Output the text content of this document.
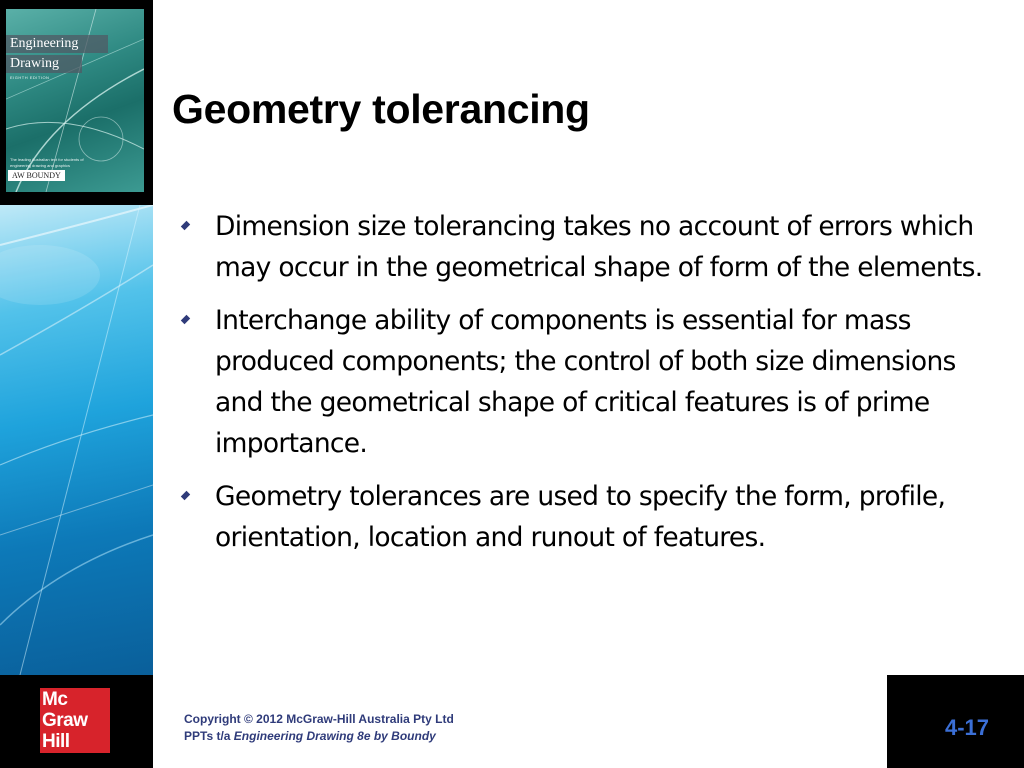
Engineering
Drawing
EIGHTH EDITION
The leading Australian text for students of engineering drawing and graphics
AW BOUNDY
Geometry tolerancing
Dimension size tolerancing takes no account of errors which may occur in the geometrical shape of form of the elements.
Interchange ability of components is essential for mass produced components; the control of both size dimensions and the geometrical shape of critical features is of prime importance.
Geometry tolerances are used to specify the form, profile, orientation, location and runout of features.
Mc
Graw
Hill
Copyright © 2012 McGraw-Hill Australia Pty Ltd
PPTs t/a Engineering Drawing 8e by Boundy	4-17
